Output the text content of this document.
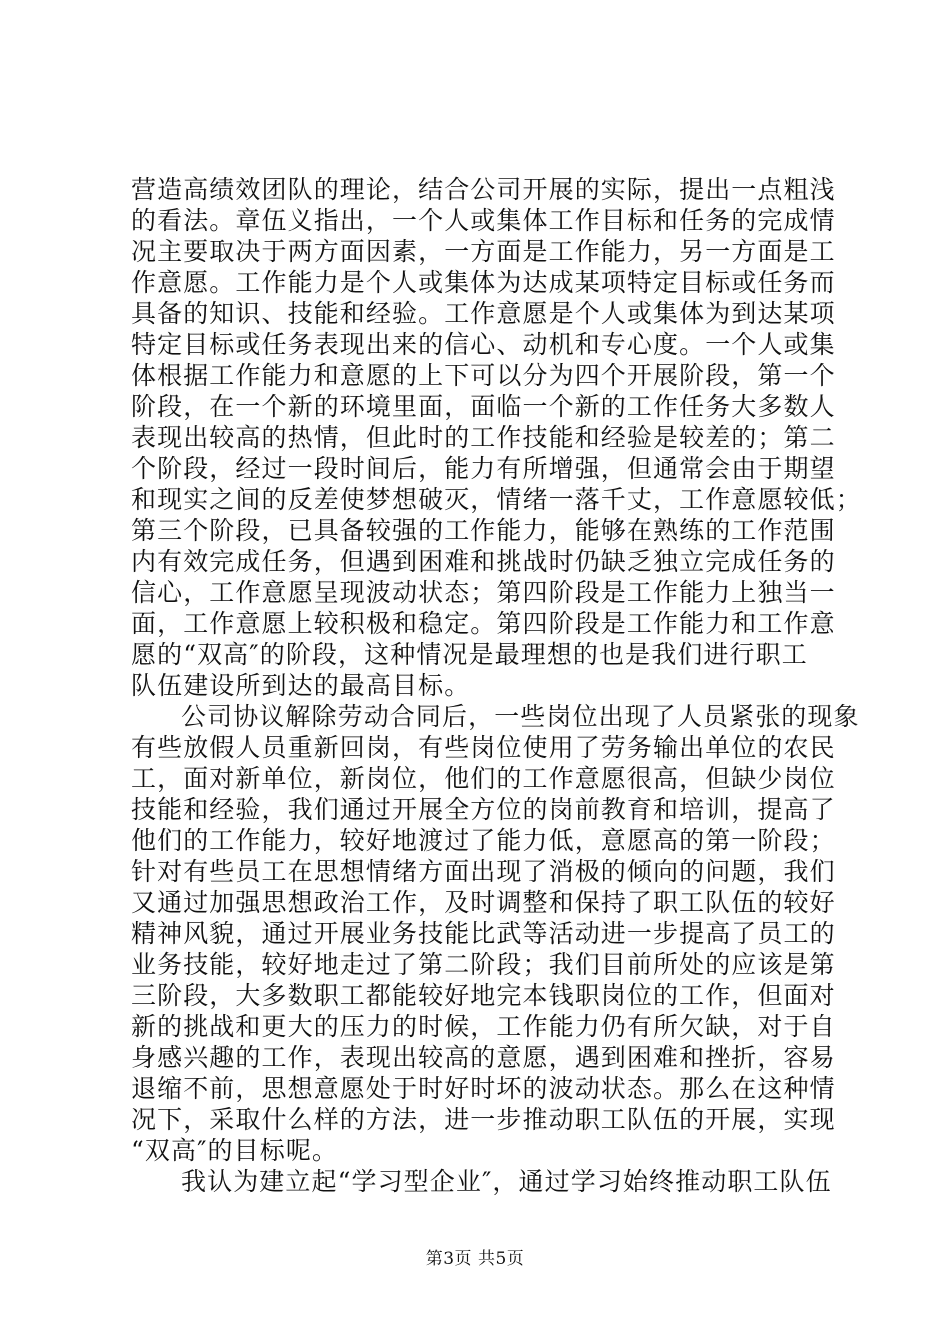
营造高绩效团队的理论，结合公司开展的实际，提出一点粗浅
的看法。章伍义指出，一个人或集体工作目标和任务的完成情
况主要取决于两方面因素，一方面是工作能力，另一方面是工
作意愿。工作能力是个人或集体为达成某项特定目标或任务而
具备的知识、技能和经验。工作意愿是个人或集体为到达某项
特定目标或任务表现出来的信心、动机和专心度。一个人或集
体根据工作能力和意愿的上下可以分为四个开展阶段，第一个
阶段，在一个新的环境里面，面临一个新的工作任务大多数人
表现出较高的热情，但此时的工作技能和经验是较差的；第二
个阶段，经过一段时间后，能力有所增强，但通常会由于期望
和现实之间的反差使梦想破灭，情绪一落千丈，工作意愿较低；
第三个阶段，已具备较强的工作能力，能够在熟练的工作范围
内有效完成任务，但遇到困难和挑战时仍缺乏独立完成任务的
信心，工作意愿呈现波动状态；第四阶段是工作能力上独当一
面，工作意愿上较积极和稳定。第四阶段是工作能力和工作意
愿的“双高″的阶段，这种情况是最理想的也是我们进行职工
队伍建设所到达的最高目标。
公司协议解除劳动合同后，一些岗位出现了人员紧张的现象
有些放假人员重新回岗，有些岗位使用了劳务输出单位的农民
工，面对新单位，新岗位，他们的工作意愿很高，但缺少岗位
技能和经验，我们通过开展全方位的岗前教育和培训，提高了
他们的工作能力，较好地渡过了能力低，意愿高的第一阶段；
针对有些员工在思想情绪方面出现了消极的倾向的问题，我们
又通过加强思想政治工作，及时调整和保持了职工队伍的较好
精神风貌，通过开展业务技能比武等活动进一步提高了员工的
业务技能，较好地走过了第二阶段；我们目前所处的应该是第
三阶段，大多数职工都能较好地完本钱职岗位的工作，但面对
新的挑战和更大的压力的时候，工作能力仍有所欠缺，对于自
身感兴趣的工作，表现出较高的意愿，遇到困难和挫折，容易
退缩不前，思想意愿处于时好时坏的波动状态。那么在这种情
况下，采取什么样的方法，进一步推动职工队伍的开展，实现
“双高″的目标呢。
我认为建立起“学习型企业″，通过学习始终推动职工队伍
第3页 共5页
